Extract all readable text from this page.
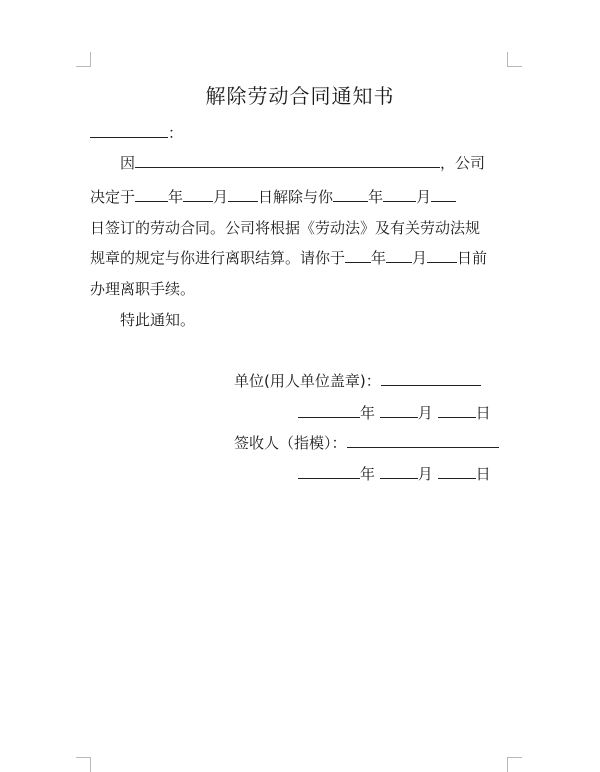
解除劳动合同通知书
：
因	，公司
决定于 年 月 日解除与你 年 月
日签订的劳动合同。公司将根据《劳动法》及有关劳动法规
规章的规定与你进行离职结算。请你于 年 月 日前
办理离职手续。
特此通知。
单位(用人单位盖章)：
年	月	日
签收人（指模）：
年	月	日
